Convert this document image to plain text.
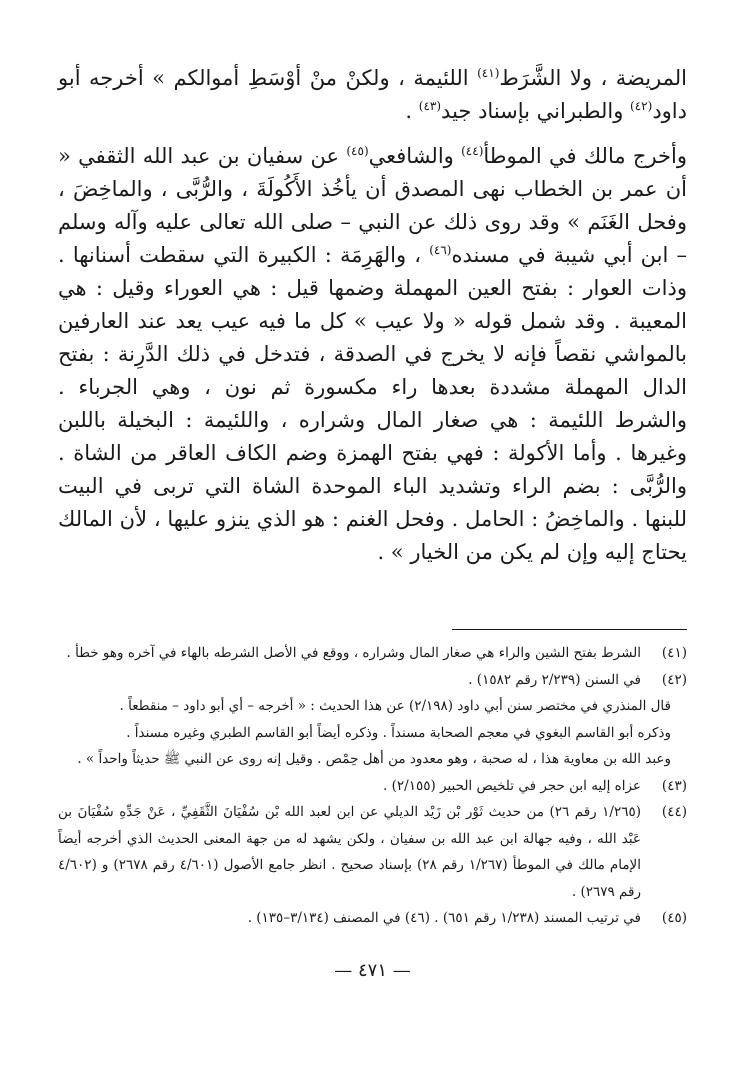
المريضة ، ولا الشَّرَط$^{(٤١)}$ اللئيمة ، ولكنْ منْ أوْسَطِ أموالكم » أخرجه أبو داود$^{(٤٢)}$ والطبراني بإسناد جيد$^{(٤٣)}$ .

وأخرج مالك في الموطأ$^{(٤٤)}$ والشافعي$^{(٤٥)}$ عن سفيان بن عبد الله الثقفي « أن عمر بن الخطاب نهى المصدق أن يأخُذ الأَكُولَةَ ، والرُّبَّى ، والماخِضَ ، وفحل الغَنَم » وقد روى ذلك عن النبي – صلى الله تعالى عليه وآله وسلم – ابن أبي شيبة في مسنده$^{(٤٦)}$ ، والهَرِمَة : الكبيرة التي سقطت أسنانها . وذات العوار : بفتح العين المهملة وضمها قيل : هي العوراء وقيل : هي المعيبة . وقد شمل قوله « ولا عيب » كل ما فيه عيب يعد عند العارفين بالمواشي نقصاً فإنه لا يخرج في الصدقة ، فتدخل في ذلك الدَّرِنة : بفتح الدال المهملة مشددة بعدها راء مكسورة ثم نون ، وهي الجرباء . والشرط اللئيمة : هي صغار المال وشراره ، واللئيمة : البخيلة باللبن وغيرها . وأما الأكولة : فهي بفتح الهمزة وضم الكاف العاقر من الشاة . والرُّبَّى : بضم الراء وتشديد الباء الموحدة الشاة التي تربى في البيت للبنها . والماخِضُ : الحامل . وفحل الغنم : هو الذي ينزو عليها ، لأن المالك يحتاج إليه وإن لم يكن من الخيار » .

(٤١)
الشرط بفتح الشين والراء هي صغار المال وشراره ، ووقع في الأصل الشرطه بالهاء في آخره وهو خطأ .
(٤٢)
في السنن (٢/٢٣٩ رقم ١٥٨٢) .

قال المنذري في مختصر سنن أبي داود (٢/١٩٨) عن هذا الحديث : « أخرجه – أي أبو داود – منقطعاً .

وذكره أبو القاسم البغوي في معجم الصحابة مسنداً . وذكره أيضاً أبو القاسم الطبري وغيره مسنداً .

وعبد الله بن معاوية هذا ، له صحبة ، وهو معدود من أهل حِمْص . وقيل إنه روى عن النبي ﷺ حديثاً واحداً » .

(٤٣)
عزاه إليه ابن حجر في تلخيص الحبير (٢/١٥٥) .
(٤٤)
(١/٢٦٥ رقم ٢٦) من حديث ثَوْر بْن زَيْد الديلي عن ابن لعبد الله بْن سُفْيَانَ الثَّقَفِيِّ ، عَنْ جَدِّهِ سُفْيَانَ بن عَبْد الله ، وفيه جهالة ابن عبد الله بن سفيان ، ولكن يشهد له من جهة المعنى الحديث الذي أخرجه أيضاً الإمام مالك في الموطأ (١/٢٦٧ رقم ٢٨) بإسناد صحيح . انظر جامع الأصول (٤/٦٠١ رقم ٢٦٧٨) و (٤/٦٠٢ رقم ٢٦٧٩) .
(٤٥)
في ترتيب المسند (١/٢٣٨ رقم ٦٥١) . (٤٦) في المصنف (٣/١٣٤–١٣٥) .
— ٤٧١ —
